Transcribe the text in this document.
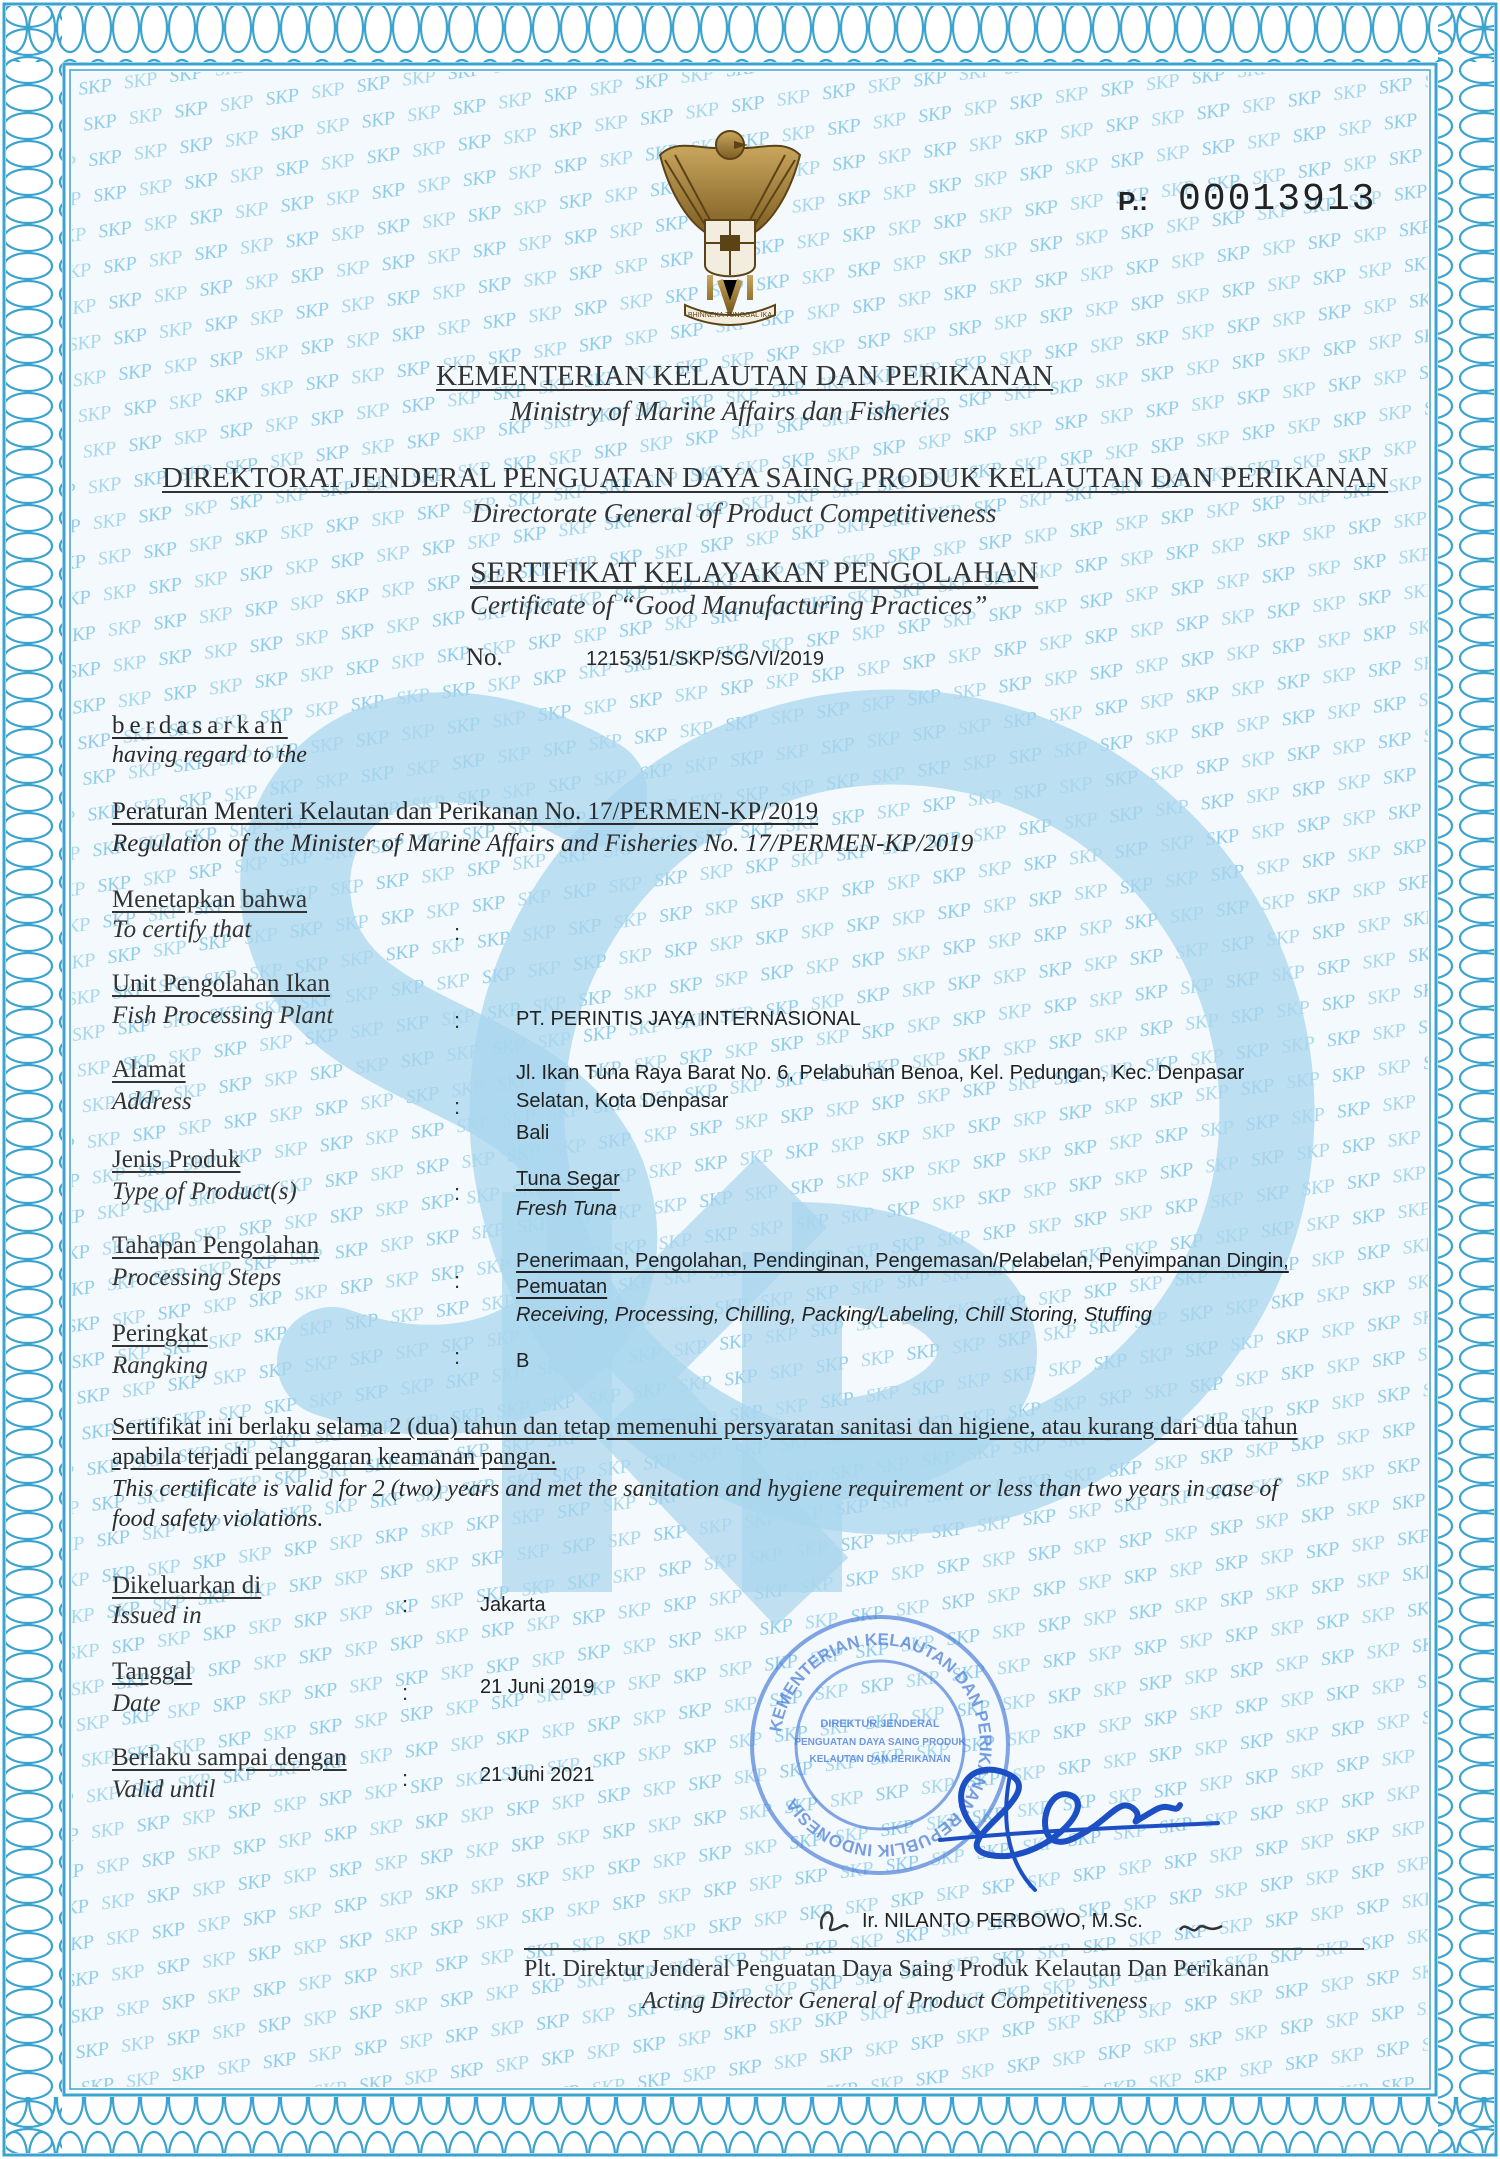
BHINNEKA TUNGGAL IKA
P.: 00013913
KEMENTERIAN KELAUTAN DAN PERIKANAN
Ministry of Marine Affairs dan Fisheries
DIREKTORAT JENDERAL PENGUATAN DAYA SAING PRODUK KELAUTAN DAN PERIKANAN
Directorate General of Product Competitiveness
SERTIFIKAT KELAYAKAN PENGOLAHAN
Certificate of “Good Manufacturing Practices”
No.	12153/51/SKP/SG/VI/2019
berdasarkan
having regard to the
Peraturan Menteri Kelautan dan Perikanan No. 17/PERMEN-KP/2019
Regulation of the Minister of Marine Affairs and Fisheries No. 17/PERMEN-KP/2019
Menetapkan bahwa
To certify that	:
Unit Pengolahan Ikan
Fish Processing Plant	:	PT. PERINTIS JAYA INTERNASIONAL
Alamat
Address	:
Jl. Ikan Tuna Raya Barat No. 6, Pelabuhan Benoa, Kel. Pedungan, Kec. Denpasar
Selatan, Kota Denpasar
Bali
Jenis Produk
Type of Product(s)	:
Tuna Segar
Fresh Tuna
Tahapan Pengolahan
Processing Steps	:
Penerimaan, Pengolahan, Pendinginan, Pengemasan/Pelabelan, Penyimpanan Dingin,
Pemuatan
Receiving, Processing, Chilling, Packing/Labeling, Chill Storing, Stuffing
Peringkat
Rangking	:	B
Sertifikat ini berlaku selama 2 (dua) tahun dan tetap memenuhi persyaratan sanitasi dan higiene, atau kurang dari dua tahun
apabila terjadi pelanggaran keamanan pangan.
This certificate is valid for 2 (two) years and met the sanitation and hygiene requirement or less than two years in case of
food safety violations.
Dikeluarkan di
Issued in	:	Jakarta
Tanggal
Date	:	21 Juni 2019
Berlaku sampai dengan
Valid until	:	21 Juni 2021
KEMENTERIAN KELAUTAN DAN PERIKANAN REPUBLIK INDONESIA
DIREKTUR JENDERAL
PENGUATAN DAYA SAING PRODUK
KELAUTAN DAN PERIKANAN
Ir. NILANTO PERBOWO, M.Sc.
Plt. Direktur Jenderal Penguatan Daya Saing Produk Kelautan Dan Perikanan
Acting Director General of Product Competitiveness
